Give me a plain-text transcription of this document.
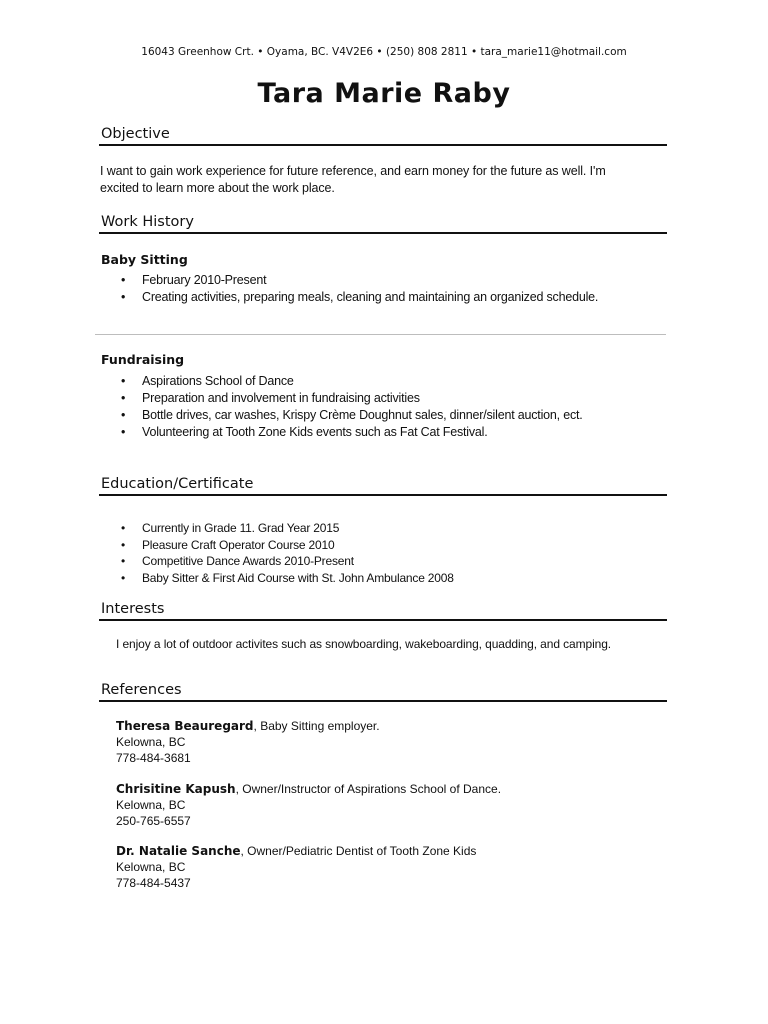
16043 Greenhow Crt. • Oyama, BC. V4V2E6 • (250) 808 2811 • tara_marie11@hotmail.com
Tara Marie Raby
Objective
I want to gain work experience for future reference, and earn money for the future as well. I'm excited to learn more about the work place.
Work History
Baby Sitting
• February 2010-Present
• Creating activities, preparing meals, cleaning and maintaining an organized schedule.
Fundraising
• Aspirations School of Dance
• Preparation and involvement in fundraising activities
• Bottle drives, car washes, Krispy Crème Doughnut sales, dinner/silent auction, ect.
• Volunteering at Tooth Zone Kids events such as Fat Cat Festival.
Education/Certificate
• Currently in Grade 11. Grad Year 2015
• Pleasure Craft Operator Course 2010
• Competitive Dance Awards 2010-Present
• Baby Sitter & First Aid Course with St. John Ambulance 2008
Interests
I enjoy a lot of outdoor activites such as snowboarding, wakeboarding, quadding, and camping.
References
Theresa Beauregard, Baby Sitting employer.
Kelowna, BC
778-484-3681
Chrisitine Kapush, Owner/Instructor of Aspirations School of Dance.
Kelowna, BC
250-765-6557
Dr. Natalie Sanche, Owner/Pediatric Dentist of Tooth Zone Kids
Kelowna, BC
778-484-5437
